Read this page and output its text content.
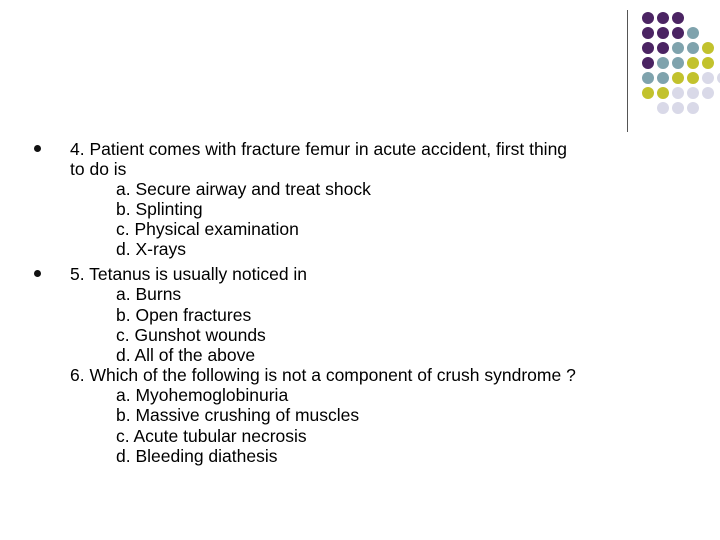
4. Patient comes with fracture femur in acute accident, first thing
to do is
a. Secure airway and treat shock
b. Splinting
c. Physical examination
d. X-rays
5. Tetanus is usually noticed in
a. Burns
b. Open fractures
c. Gunshot wounds
d. All of the above
6. Which of the following is not a component of crush syndrome ?
a. Myohemoglobinuria
b. Massive crushing of muscles
c. Acute tubular necrosis
d. Bleeding diathesis
